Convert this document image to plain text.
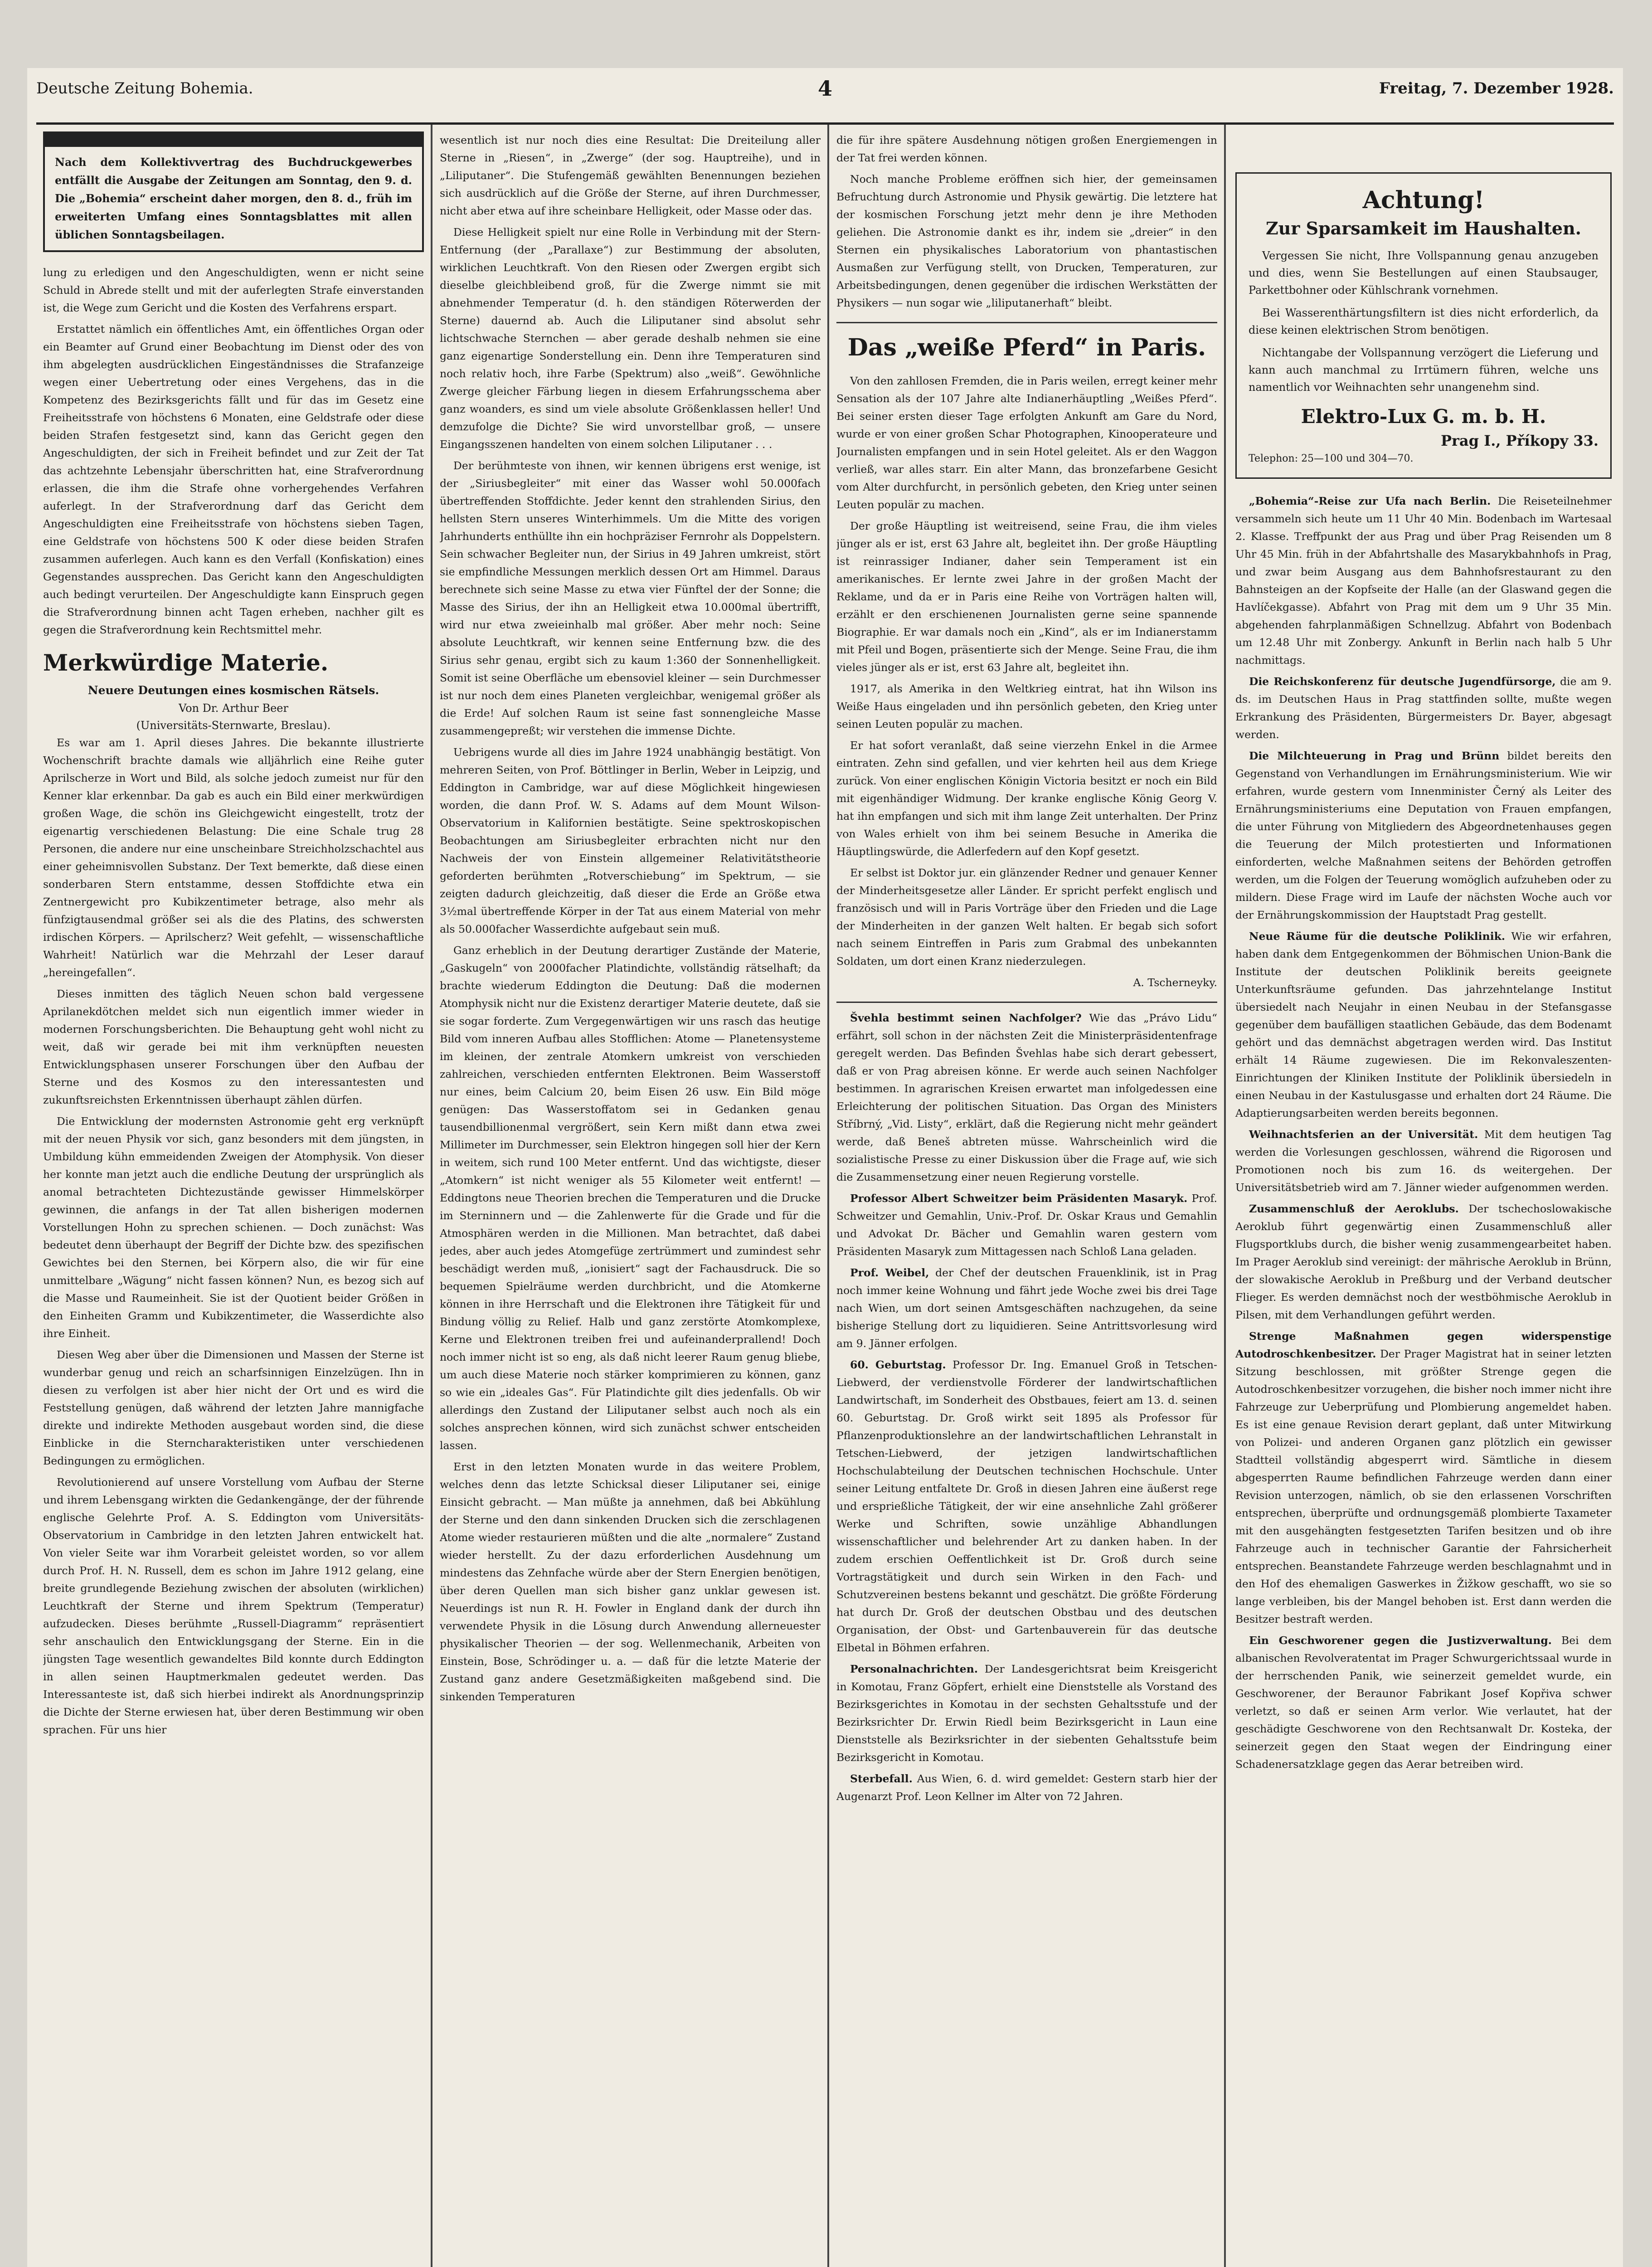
Deutsche Zeitung Bohemia.	4	Freitag, 7. Dezember 1928.
Nach dem Kollektivvertrag des Buchdruckgewerbes entfällt die Ausgabe der Zeitungen am Sonntag, den 9. d. Die „Bohemia“ erscheint daher morgen, den 8. d., früh im erweiterten Umfang eines Sonntagsblattes mit allen üblichen Sonntagsbeilagen.

lung zu erledigen und den Angeschuldigten, wenn er nicht seine Schuld in Abrede stellt und mit der auferlegten Strafe einverstanden ist, die Wege zum Gericht und die Kosten des Verfahrens erspart.

Erstattet nämlich ein öffentliches Amt, ein öffentliches Organ oder ein Beamter auf Grund einer Beobachtung im Dienst oder des von ihm abgelegten ausdrücklichen Eingeständnisses die Strafanzeige wegen einer Uebertretung oder eines Vergehens, das in die Kompetenz des Bezirksgerichts fällt und für das im Gesetz eine Freiheitsstrafe von höchstens 6 Monaten, eine Geldstrafe oder diese beiden Strafen festgesetzt sind, kann das Gericht gegen den Angeschuldigten, der sich in Freiheit befindet und zur Zeit der Tat das achtzehnte Lebensjahr überschritten hat, eine Strafverordnung erlassen, die ihm die Strafe ohne vorhergehendes Verfahren auferlegt. In der Strafverordnung darf das Gericht dem Angeschuldigten eine Freiheitsstrafe von höchstens sieben Tagen, eine Geldstrafe von höchstens 500 K oder diese beiden Strafen zusammen auferlegen. Auch kann es den Verfall (Konfiskation) eines Gegenstandes aussprechen. Das Gericht kann den Angeschuldigten auch bedingt verurteilen. Der Angeschuldigte kann Einspruch gegen die Strafverordnung binnen acht Tagen erheben, nachher gilt es gegen die Strafverordnung kein Rechtsmittel mehr.

Merkwürdige Materie.
Neuere Deutungen eines kosmischen Rätsels.
Von Dr. Arthur Beer
(Universitäts-Sternwarte, Breslau).

Es war am 1. April dieses Jahres. Die bekannte illustrierte Wochenschrift brachte damals wie alljährlich eine Reihe guter Aprilscherze in Wort und Bild, als solche jedoch zumeist nur für den Kenner klar erkennbar. Da gab es auch ein Bild einer merkwürdigen großen Wage, die schön ins Gleichgewicht eingestellt, trotz der eigenartig verschiedenen Belastung: Die eine Schale trug 28 Personen, die andere nur eine unscheinbare Streichholzschachtel aus einer geheimnisvollen Substanz. Der Text bemerkte, daß diese einen sonderbaren Stern entstamme, dessen Stoffdichte etwa ein Zentnergewicht pro Kubikzentimeter betrage, also mehr als fünfzigtausendmal größer sei als die des Platins, des schwersten irdischen Körpers. — Aprilscherz? Weit gefehlt, — wissenschaftliche Wahrheit! Natürlich war die Mehrzahl der Leser darauf „hereingefallen“.

Dieses inmitten des täglich Neuen schon bald vergessene Aprilanekdötchen meldet sich nun eigentlich immer wieder in modernen Forschungsberichten. Die Behauptung geht wohl nicht zu weit, daß wir gerade bei mit ihm verknüpften neuesten Entwicklungsphasen unserer Forschungen über den Aufbau der Sterne und des Kosmos zu den interessantesten und zukunftsreichsten Erkenntnissen überhaupt zählen dürfen.

Die Entwicklung der modernsten Astronomie geht erg verknüpft mit der neuen Physik vor sich, ganz besonders mit dem jüngsten, in Umbildung kühn emmeidenden Zweigen der Atomphysik. Von dieser her konnte man jetzt auch die endliche Deutung der ursprünglich als anomal betrachteten Dichtezustände gewisser Himmelskörper gewinnen, die anfangs in der Tat allen bisherigen modernen Vorstellungen Hohn zu sprechen schienen. — Doch zunächst: Was bedeutet denn überhaupt der Begriff der Dichte bzw. des spezifischen Gewichtes bei den Sternen, bei Körpern also, die wir für eine unmittelbare „Wägung“ nicht fassen können? Nun, es bezog sich auf die Masse und Raumeinheit. Sie ist der Quotient beider Größen in den Einheiten Gramm und Kubikzentimeter, die Wasserdichte also ihre Einheit.

Diesen Weg aber über die Dimensionen und Massen der Sterne ist wunderbar genug und reich an scharfsinnigen Einzelzügen. Ihn in diesen zu verfolgen ist aber hier nicht der Ort und es wird die Feststellung genügen, daß während der letzten Jahre mannigfache direkte und indirekte Methoden ausgebaut worden sind, die diese Einblicke in die Sterncharakteristiken unter verschiedenen Bedingungen zu ermöglichen.

Revolutionierend auf unsere Vorstellung vom Aufbau der Sterne und ihrem Lebensgang wirkten die Gedankengänge, der der führende englische Gelehrte Prof. A. S. Eddington vom Universitäts-Observatorium in Cambridge in den letzten Jahren entwickelt hat. Von vieler Seite war ihm Vorarbeit geleistet worden, so vor allem durch Prof. H. N. Russell, dem es schon im Jahre 1912 gelang, eine breite grundlegende Beziehung zwischen der absoluten (wirklichen) Leuchtkraft der Sterne und ihrem Spektrum (Temperatur) aufzudecken. Dieses berühmte „Russell-Diagramm“ repräsentiert sehr anschaulich den Entwicklungsgang der Sterne. Ein in die jüngsten Tage wesentlich gewandeltes Bild konnte durch Eddington in allen seinen Hauptmerkmalen gedeutet werden. Das Interessanteste ist, daß sich hierbei indirekt als Anordnungsprinzip die Dichte der Sterne erwiesen hat, über deren Bestimmung wir oben sprachen. Für uns hier

wesentlich ist nur noch dies eine Resultat: Die Dreiteilung aller Sterne in „Riesen“, in „Zwerge“ (der sog. Hauptreihe), und in „Liliputaner“. Die Stufengemäß gewählten Benennungen beziehen sich ausdrücklich auf die Größe der Sterne, auf ihren Durchmesser, nicht aber etwa auf ihre scheinbare Helligkeit, oder Masse oder das.

Diese Helligkeit spielt nur eine Rolle in Verbindung mit der Stern-Entfernung (der „Parallaxe“) zur Bestimmung der absoluten, wirklichen Leuchtkraft. Von den Riesen oder Zwergen ergibt sich dieselbe gleichbleibend groß, für die Zwerge nimmt sie mit abnehmender Temperatur (d. h. den ständigen Röterwerden der Sterne) dauernd ab. Auch die Liliputaner sind absolut sehr lichtschwache Sternchen — aber gerade deshalb nehmen sie eine ganz eigenartige Sonderstellung ein. Denn ihre Temperaturen sind noch relativ hoch, ihre Farbe (Spektrum) also „weiß“. Gewöhnliche Zwerge gleicher Färbung liegen in diesem Erfahrungsschema aber ganz woanders, es sind um viele absolute Größenklassen heller! Und demzufolge die Dichte? Sie wird unvorstellbar groß, — unsere Eingangsszenen handelten von einem solchen Liliputaner . . .

Der berühmteste von ihnen, wir kennen übrigens erst wenige, ist der „Siriusbegleiter“ mit einer das Wasser wohl 50.000fach übertreffenden Stoffdichte. Jeder kennt den strahlenden Sirius, den hellsten Stern unseres Winterhimmels. Um die Mitte des vorigen Jahrhunderts enthüllte ihn ein hochpräziser Fernrohr als Doppelstern. Sein schwacher Begleiter nun, der Sirius in 49 Jahren umkreist, stört sie empfindliche Messungen merklich dessen Ort am Himmel. Daraus berechnete sich seine Masse zu etwa vier Fünftel der der Sonne; die Masse des Sirius, der ihn an Helligkeit etwa 10.000mal übertrifft, wird nur etwa zweieinhalb mal größer. Aber mehr noch: Seine absolute Leuchtkraft, wir kennen seine Entfernung bzw. die des Sirius sehr genau, ergibt sich zu kaum 1:360 der Sonnenhelligkeit. Somit ist seine Oberfläche um ebensoviel kleiner — sein Durchmesser ist nur noch dem eines Planeten vergleichbar, wenigemal größer als die Erde! Auf solchen Raum ist seine fast sonnengleiche Masse zusammengepreßt; wir verstehen die immense Dichte.

Uebrigens wurde all dies im Jahre 1924 unabhängig bestätigt. Von mehreren Seiten, von Prof. Böttlinger in Berlin, Weber in Leipzig, und Eddington in Cambridge, war auf diese Möglichkeit hingewiesen worden, die dann Prof. W. S. Adams auf dem Mount Wilson-Observatorium in Kalifornien bestätigte. Seine spektroskopischen Beobachtungen am Siriusbegleiter erbrachten nicht nur den Nachweis der von Einstein allgemeiner Relativitätstheorie geforderten berühmten „Rotverschiebung“ im Spektrum, — sie zeigten dadurch gleichzeitig, daß dieser die Erde an Größe etwa 3½mal übertreffende Körper in der Tat aus einem Material von mehr als 50.000facher Wasserdichte aufgebaut sein muß.

Ganz erheblich in der Deutung derartiger Zustände der Materie, „Gaskugeln“ von 2000facher Platindichte, vollständig rätselhaft; da brachte wiederum Eddington die Deutung: Daß die modernen Atomphysik nicht nur die Existenz derartiger Materie deutete, daß sie sie sogar forderte. Zum Vergegenwärtigen wir uns rasch das heutige Bild vom inneren Aufbau alles Stofflichen: Atome — Planetensysteme im kleinen, der zentrale Atomkern umkreist von verschieden zahlreichen, verschieden entfernten Elektronen. Beim Wasserstoff nur eines, beim Calcium 20, beim Eisen 26 usw. Ein Bild möge genügen: Das Wasserstoffatom sei in Gedanken genau tausendbillionenmal vergrößert, sein Kern mißt dann etwa zwei Millimeter im Durchmesser, sein Elektron hingegen soll hier der Kern in weitem, sich rund 100 Meter entfernt. Und das wichtigste, dieser „Atomkern“ ist nicht weniger als 55 Kilometer weit entfernt! — Eddingtons neue Theorien brechen die Temperaturen und die Drucke im Sterninnern und — die Zahlenwerte für die Grade und für die Atmosphären werden in die Millionen. Man betrachtet, daß dabei jedes, aber auch jedes Atomgefüge zertrümmert und zumindest sehr beschädigt werden muß, „ionisiert“ sagt der Fachausdruck. Die so bequemen Spielräume werden durchbricht, und die Atomkerne können in ihre Herrschaft und die Elektronen ihre Tätigkeit für und Bindung völlig zu Relief. Halb und ganz zerstörte Atomkomplexe, Kerne und Elektronen treiben frei und aufeinanderprallend! Doch noch immer nicht ist so eng, als daß nicht leerer Raum genug bliebe, um auch diese Materie noch stärker komprimieren zu können, ganz so wie ein „ideales Gas“. Für Platindichte gilt dies jedenfalls. Ob wir allerdings den Zustand der Liliputaner selbst auch noch als ein solches ansprechen können, wird sich zunächst schwer entscheiden lassen.

Erst in den letzten Monaten wurde in das weitere Problem, welches denn das letzte Schicksal dieser Liliputaner sei, einige Einsicht gebracht. — Man müßte ja annehmen, daß bei Abkühlung der Sterne und den dann sinkenden Drucken sich die zerschlagenen Atome wieder restaurieren müßten und die alte „normalere“ Zustand wieder herstellt. Zu der dazu erforderlichen Ausdehnung um mindestens das Zehnfache würde aber der Stern Energien benötigen, über deren Quellen man sich bisher ganz unklar gewesen ist. Neuerdings ist nun R. H. Fowler in England dank der durch ihn verwendete Physik in die Lösung durch Anwendung allerneuester physikalischer Theorien — der sog. Wellenmechanik, Arbeiten von Einstein, Bose, Schrödinger u. a. — daß für die letzte Materie der Zustand ganz andere Gesetzmäßigkeiten maßgebend sind. Die sinkenden Temperaturen

die für ihre spätere Ausdehnung nötigen großen Energiemengen in der Tat frei werden können.

Noch manche Probleme eröffnen sich hier, der gemeinsamen Befruchtung durch Astronomie und Physik gewärtig. Die letztere hat der kosmischen Forschung jetzt mehr denn je ihre Methoden geliehen. Die Astronomie dankt es ihr, indem sie „dreier“ in den Sternen ein physikalisches Laboratorium von phantastischen Ausmaßen zur Verfügung stellt, von Drucken, Temperaturen, zur Arbeitsbedingungen, denen gegenüber die irdischen Werkstätten der Physikers — nun sogar wie „liliputanerhaft“ bleibt.

Das „weiße Pferd“ in Paris.

Von den zahllosen Fremden, die in Paris weilen, erregt keiner mehr Sensation als der 107 Jahre alte Indianerhäuptling „Weißes Pferd“. Bei seiner ersten dieser Tage erfolgten Ankunft am Gare du Nord, wurde er von einer großen Schar Photographen, Kinooperateure und Journalisten empfangen und in sein Hotel geleitet. Als er den Waggon verließ, war alles starr. Ein alter Mann, das bronzefarbene Gesicht vom Alter durchfurcht, in persönlich gebeten, den Krieg unter seinen Leuten populär zu machen.

Der große Häuptling ist weitreisend, seine Frau, die ihm vieles jünger als er ist, erst 63 Jahre alt, begleitet ihn. Der große Häuptling ist reinrassiger Indianer, daher sein Temperament ist ein amerikanisches. Er lernte zwei Jahre in der großen Macht der Reklame, und da er in Paris eine Reihe von Vorträgen halten will, erzählt er den erschienenen Journalisten gerne seine spannende Biographie. Er war damals noch ein „Kind“, als er im Indianerstamm mit Pfeil und Bogen, präsentierte sich der Menge. Seine Frau, die ihm vieles jünger als er ist, erst 63 Jahre alt, begleitet ihn.

1917, als Amerika in den Weltkrieg eintrat, hat ihn Wilson ins Weiße Haus eingeladen und ihn persönlich gebeten, den Krieg unter seinen Leuten populär zu machen.

Er hat sofort veranlaßt, daß seine vierzehn Enkel in die Armee eintraten. Zehn sind gefallen, und vier kehrten heil aus dem Kriege zurück. Von einer englischen Königin Victoria besitzt er noch ein Bild mit eigenhändiger Widmung. Der kranke englische König Georg V. hat ihn empfangen und sich mit ihm lange Zeit unterhalten. Der Prinz von Wales erhielt von ihm bei seinem Besuche in Amerika die Häuptlingswürde, die Adlerfedern auf den Kopf gesetzt.

Er selbst ist Doktor jur. ein glänzender Redner und genauer Kenner der Minderheitsgesetze aller Länder. Er spricht perfekt englisch und französisch und will in Paris Vorträge über den Frieden und die Lage der Minderheiten in der ganzen Welt halten. Er begab sich sofort nach seinem Eintreffen in Paris zum Grabmal des unbekannten Soldaten, um dort einen Kranz niederzulegen.

A. Tscherneyky.

Švehla bestimmt seinen Nachfolger? Wie das „Právo Lidu“ erfährt, soll schon in der nächsten Zeit die Ministerpräsidentenfrage geregelt werden. Das Befinden Švehlas habe sich derart gebessert, daß er von Prag abreisen könne. Er werde auch seinen Nachfolger bestimmen. In agrarischen Kreisen erwartet man infolgedessen eine Erleichterung der politischen Situation. Das Organ des Ministers Stříbrný, „Vid. Listy“, erklärt, daß die Regierung nicht mehr geändert werde, daß Beneš abtreten müsse. Wahrscheinlich wird die sozialistische Presse zu einer Diskussion über die Frage auf, wie sich die Zusammensetzung einer neuen Regierung vorstelle.

Professor Albert Schweitzer beim Präsidenten Masaryk. Prof. Schweitzer und Gemahlin, Univ.-Prof. Dr. Oskar Kraus und Gemahlin und Advokat Dr. Bächer und Gemahlin waren gestern vom Präsidenten Masaryk zum Mittagessen nach Schloß Lana geladen.

Prof. Weibel, der Chef der deutschen Frauenklinik, ist in Prag noch immer keine Wohnung und fährt jede Woche zwei bis drei Tage nach Wien, um dort seinen Amtsgeschäften nachzugehen, da seine bisherige Stellung dort zu liquidieren. Seine Antrittsvorlesung wird am 9. Jänner erfolgen.

60. Geburtstag. Professor Dr. Ing. Emanuel Groß in Tetschen-Liebwerd, der verdienstvolle Förderer der landwirtschaftlichen Landwirtschaft, im Sonderheit des Obstbaues, feiert am 13. d. seinen 60. Geburtstag. Dr. Groß wirkt seit 1895 als Professor für Pflanzenproduktionslehre an der landwirtschaftlichen Lehranstalt in Tetschen-Liebwerd, der jetzigen landwirtschaftlichen Hochschulabteilung der Deutschen technischen Hochschule. Unter seiner Leitung entfaltete Dr. Groß in diesen Jahren eine äußerst rege und ersprießliche Tätigkeit, der wir eine ansehnliche Zahl größerer Werke und Schriften, sowie unzählige Abhandlungen wissenschaftlicher und belehrender Art zu danken haben. In der zudem erschien Oeffentlichkeit ist Dr. Groß durch seine Vortragstätigkeit und durch sein Wirken in den Fach- und Schutzvereinen bestens bekannt und geschätzt. Die größte Förderung hat durch Dr. Groß der deutschen Obstbau und des deutschen Organisation, der Obst- und Gartenbauverein für das deutsche Elbetal in Böhmen erfahren.

Personalnachrichten. Der Landesgerichtsrat beim Kreisgericht in Komotau, Franz Göpfert, erhielt eine Dienststelle als Vorstand des Bezirksgerichtes in Komotau in der sechsten Gehaltsstufe und der Bezirksrichter Dr. Erwin Riedl beim Bezirksgericht in Laun eine Dienststelle als Bezirksrichter in der siebenten Gehaltsstufe beim Bezirksgericht in Komotau.

Sterbefall. Aus Wien, 6. d. wird gemeldet: Gestern starb hier der Augenarzt Prof. Leon Kellner im Alter von 72 Jahren.

Achtung!
Zur Sparsamkeit im Haushalten.

Vergessen Sie nicht, Ihre Vollspannung genau anzugeben und dies, wenn Sie Bestellungen auf einen Staubsauger, Parkettbohner oder Kühlschrank vornehmen.

Bei Wasserenthärtungsfiltern ist dies nicht erforderlich, da diese keinen elektrischen Strom benötigen.

Nichtangabe der Vollspannung verzögert die Lieferung und kann auch manchmal zu Irrtümern führen, welche uns namentlich vor Weihnachten sehr unangenehm sind.

Elektro-Lux G. m. b. H.
Prag I., Příkopy 33.
Telephon: 25—100 und 304—70.

„Bohemia“-Reise zur Ufa nach Berlin. Die Reiseteilnehmer versammeln sich heute um 11 Uhr 40 Min. Bodenbach im Wartesaal 2. Klasse. Treffpunkt der aus Prag und über Prag Reisenden um 8 Uhr 45 Min. früh in der Abfahrtshalle des Masarykbahnhofs in Prag, und zwar beim Ausgang aus dem Bahnhofsrestaurant zu den Bahnsteigen an der Kopfseite der Halle (an der Glaswand gegen die Havlíčekgasse). Abfahrt von Prag mit dem um 9 Uhr 35 Min. abgehenden fahrplanmäßigen Schnellzug. Abfahrt von Bodenbach um 12.48 Uhr mit Zonbergy. Ankunft in Berlin nach halb 5 Uhr nachmittags.

Die Reichskonferenz für deutsche Jugendfürsorge, die am 9. ds. im Deutschen Haus in Prag stattfinden sollte, mußte wegen Erkrankung des Präsidenten, Bürgermeisters Dr. Bayer, abgesagt werden.

Die Milchteuerung in Prag und Brünn bildet bereits den Gegenstand von Verhandlungen im Ernährungsministerium. Wie wir erfahren, wurde gestern vom Innenminister Černý als Leiter des Ernährungsministeriums eine Deputation von Frauen empfangen, die unter Führung von Mitgliedern des Abgeordnetenhauses gegen die Teuerung der Milch protestierten und Informationen einforderten, welche Maßnahmen seitens der Behörden getroffen werden, um die Folgen der Teuerung womöglich aufzuheben oder zu mildern. Diese Frage wird im Laufe der nächsten Woche auch vor der Ernährungskommission der Hauptstadt Prag gestellt.

Neue Räume für die deutsche Poliklinik. Wie wir erfahren, haben dank dem Entgegenkommen der Böhmischen Union-Bank die Institute der deutschen Poliklinik bereits geeignete Unterkunftsräume gefunden. Das jahrzehntelange Institut übersiedelt nach Neujahr in einen Neubau in der Stefansgasse gegenüber dem baufälligen staatlichen Gebäude, das dem Bodenamt gehört und das demnächst abgetragen werden wird. Das Institut erhält 14 Räume zugewiesen. Die im Rekonvaleszenten-Einrichtungen der Kliniken Institute der Poliklinik übersiedeln in einen Neubau in der Kastulusgasse und erhalten dort 24 Räume. Die Adaptierungsarbeiten werden bereits begonnen.

Weihnachtsferien an der Universität. Mit dem heutigen Tag werden die Vorlesungen geschlossen, während die Rigorosen und Promotionen noch bis zum 16. ds weitergehen. Der Universitätsbetrieb wird am 7. Jänner wieder aufgenommen werden.

Zusammenschluß der Aeroklubs. Der tschechoslowakische Aeroklub führt gegenwärtig einen Zusammenschluß aller Flugsportklubs durch, die bisher wenig zusammengearbeitet haben. Im Prager Aeroklub sind vereinigt: der mährische Aeroklub in Brünn, der slowakische Aeroklub in Preßburg und der Verband deutscher Flieger. Es werden demnächst noch der westböhmische Aeroklub in Pilsen, mit dem Verhandlungen geführt werden.

Strenge Maßnahmen gegen widerspenstige Autodroschkenbesitzer. Der Prager Magistrat hat in seiner letzten Sitzung beschlossen, mit größter Strenge gegen die Autodroschkenbesitzer vorzugehen, die bisher noch immer nicht ihre Fahrzeuge zur Ueberprüfung und Plombierung angemeldet haben. Es ist eine genaue Revision derart geplant, daß unter Mitwirkung von Polizei- und anderen Organen ganz plötzlich ein gewisser Stadtteil vollständig abgesperrt wird. Sämtliche in diesem abgesperrten Raume befindlichen Fahrzeuge werden dann einer Revision unterzogen, nämlich, ob sie den erlassenen Vorschriften entsprechen, überprüfte und ordnungsgemäß plombierte Taxameter mit den ausgehängten festgesetzten Tarifen besitzen und ob ihre Fahrzeuge auch in technischer Garantie der Fahrsicherheit entsprechen. Beanstandete Fahrzeuge werden beschlagnahmt und in den Hof des ehemaligen Gaswerkes in Žižkow geschafft, wo sie so lange verbleiben, bis der Mangel behoben ist. Erst dann werden die Besitzer bestraft werden.

Ein Geschworener gegen die Justizverwaltung. Bei dem albanischen Revolveratentat im Prager Schwurgerichtssaal wurde in der herrschenden Panik, wie seinerzeit gemeldet wurde, ein Geschworener, der Beraunor Fabrikant Josef Kopřiva schwer verletzt, so daß er seinen Arm verlor. Wie verlautet, hat der geschädigte Geschworene von den Rechtsanwalt Dr. Kosteka, der seinerzeit gegen den Staat wegen der Eindringung einer Schadenersatzklage gegen das Aerar betreiben wird.
